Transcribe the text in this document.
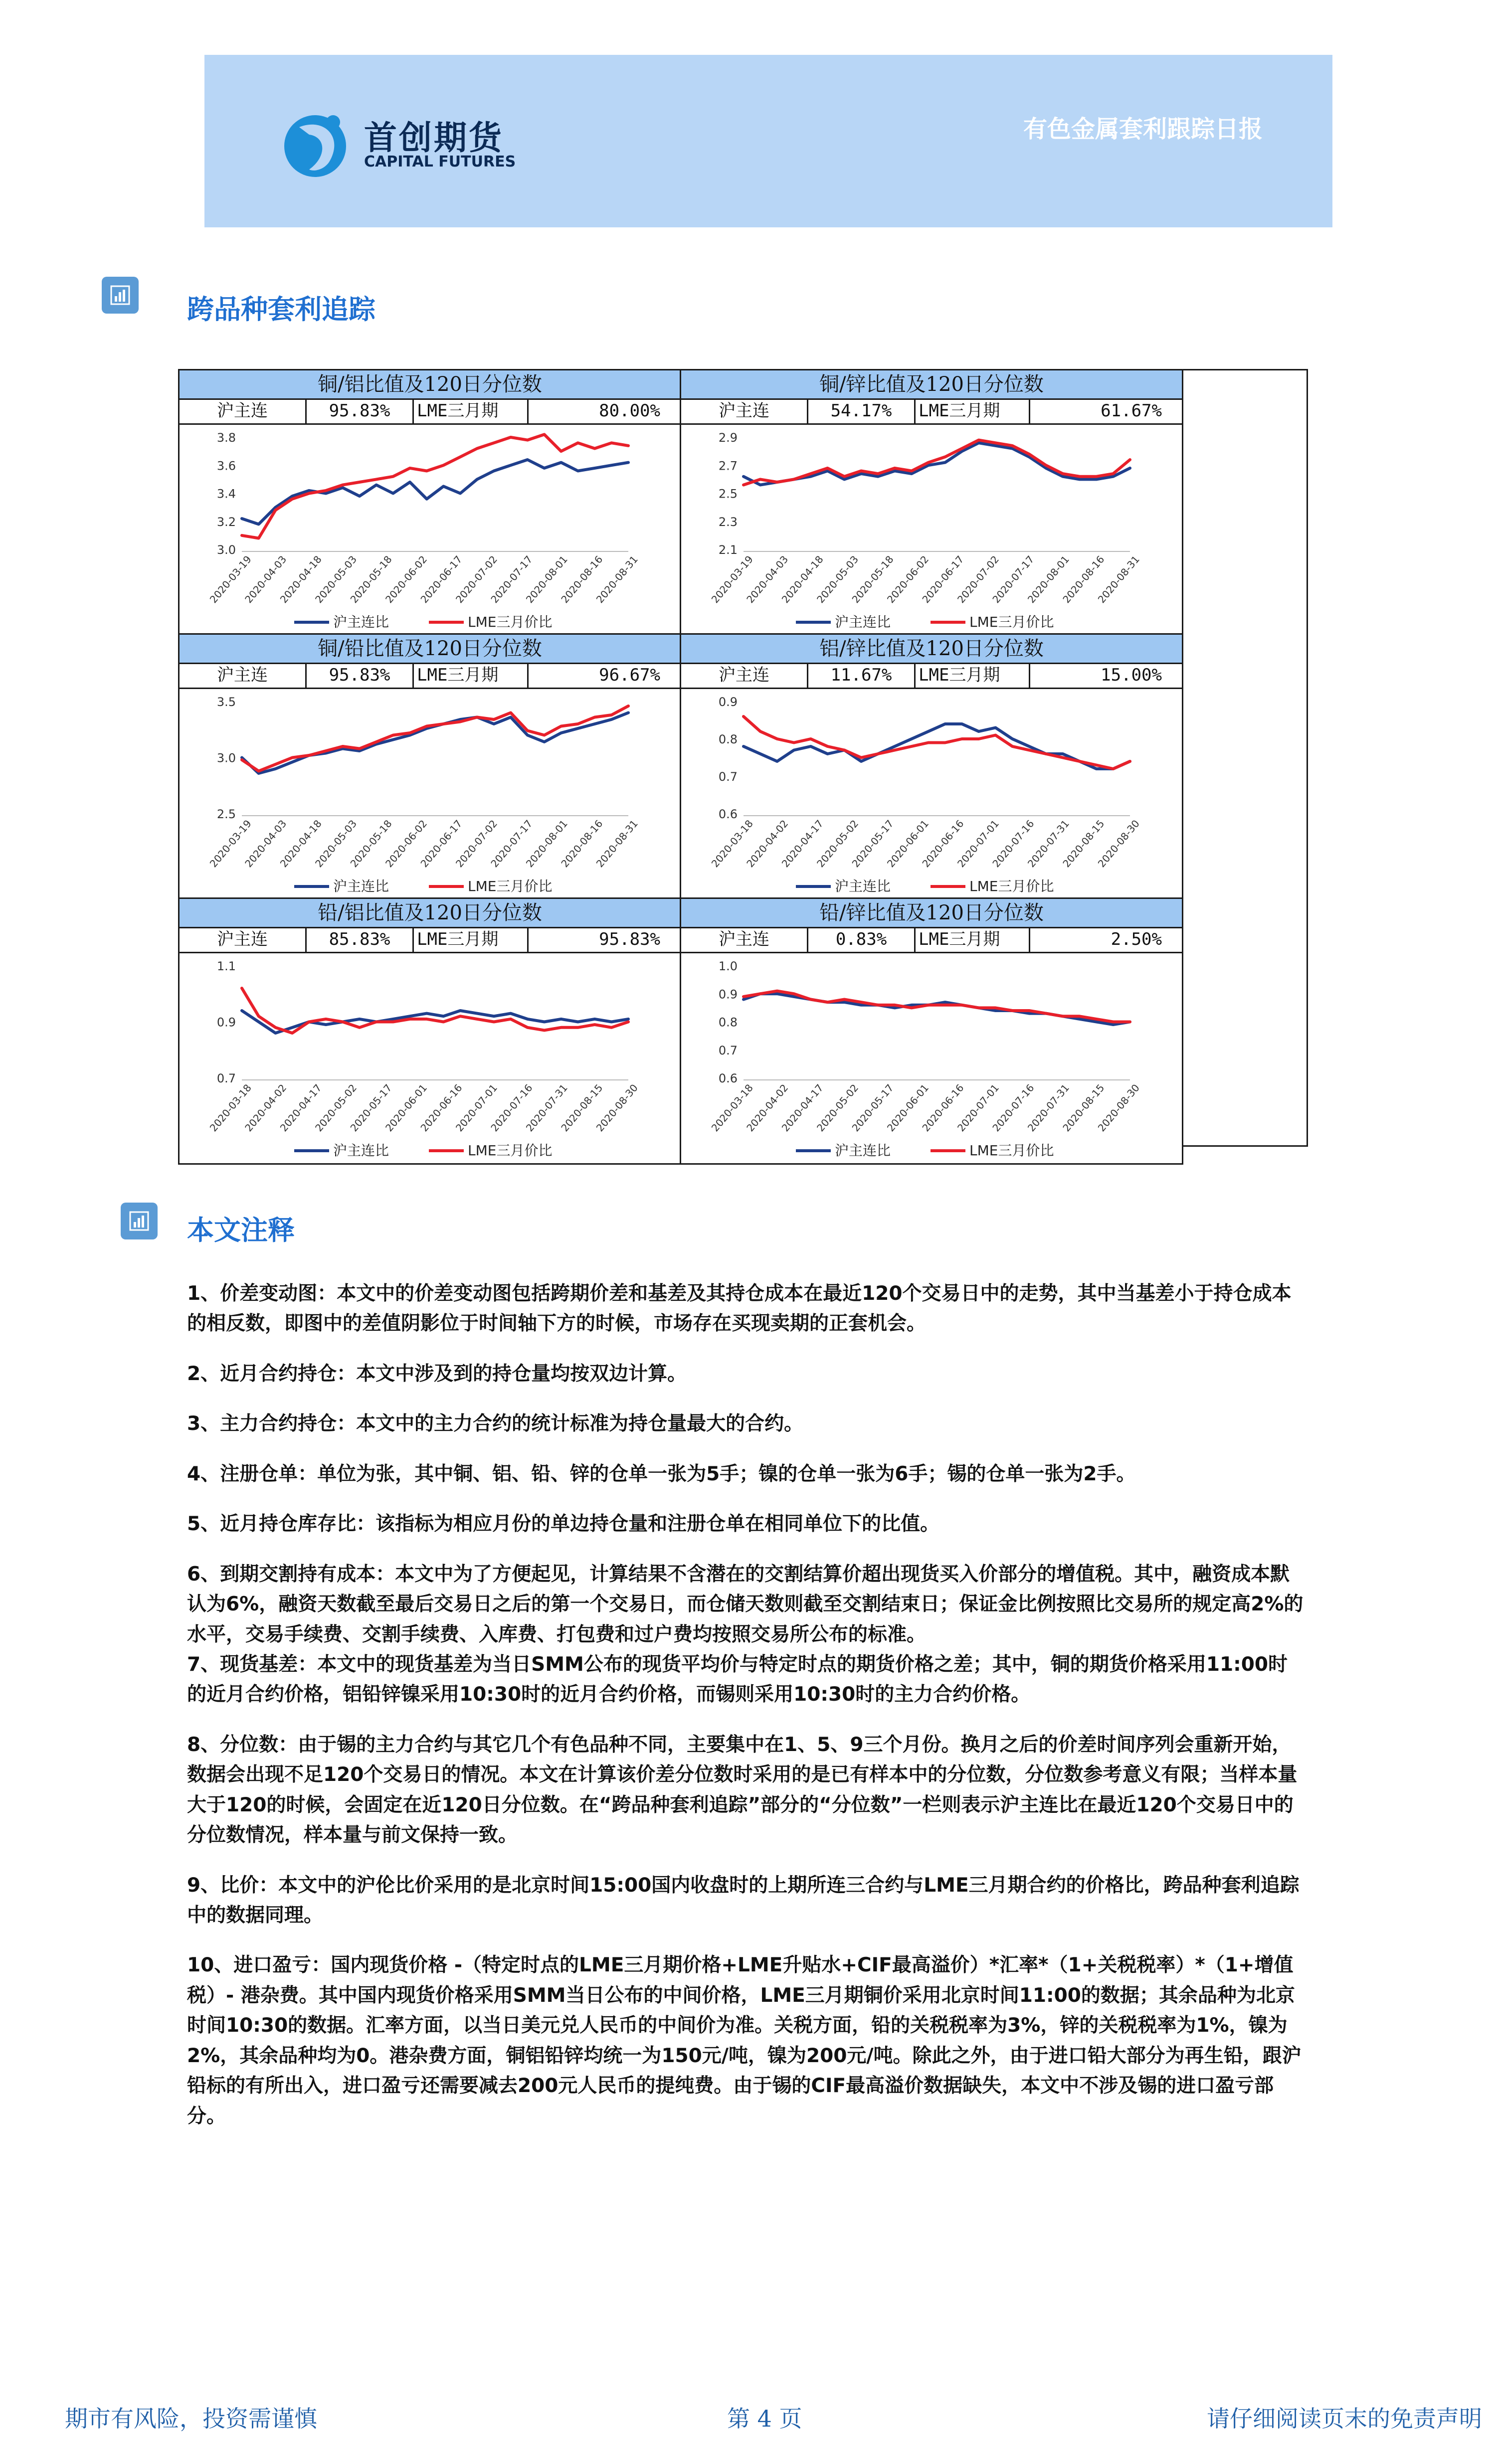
首创期货
CAPITAL FUTURES
有色金属套利跟踪日报
跨品种套利追踪
铜/铝比值及120日分位数
沪主连	95.83%	LME三月期	80.00%
3.0
3.2
3.4
3.6
3.8
2020-03-19
2020-04-03
2020-04-18
2020-05-03
2020-05-18
2020-06-02
2020-06-17
2020-07-02
2020-07-17
2020-08-01
2020-08-16
2020-08-31
沪主连比	LME三月价比
铜/锌比值及120日分位数
沪主连	54.17%	LME三月期	61.67%
2.1
2.3
2.5
2.7
2.9
2020-03-19
2020-04-03
2020-04-18
2020-05-03
2020-05-18
2020-06-02
2020-06-17
2020-07-02
2020-07-17
2020-08-01
2020-08-16
2020-08-31
沪主连比	LME三月价比
铜/铅比值及120日分位数
沪主连	95.83%	LME三月期	96.67%
2.5
3.0
3.5
2020-03-19
2020-04-03
2020-04-18
2020-05-03
2020-05-18
2020-06-02
2020-06-17
2020-07-02
2020-07-17
2020-08-01
2020-08-16
2020-08-31
沪主连比	LME三月价比
铝/锌比值及120日分位数
沪主连	11.67%	LME三月期	15.00%
0.6
0.7
0.8
0.9
2020-03-18
2020-04-02
2020-04-17
2020-05-02
2020-05-17
2020-06-01
2020-06-16
2020-07-01
2020-07-16
2020-07-31
2020-08-15
2020-08-30
沪主连比	LME三月价比
铅/铝比值及120日分位数
沪主连	85.83%	LME三月期	95.83%
0.7
0.9
1.1
2020-03-18
2020-04-02
2020-04-17
2020-05-02
2020-05-17
2020-06-01
2020-06-16
2020-07-01
2020-07-16
2020-07-31
2020-08-15
2020-08-30
沪主连比	LME三月价比
铅/锌比值及120日分位数
沪主连	0.83%	LME三月期	2.50%
0.6
0.7
0.8
0.9
1.0
2020-03-18
2020-04-02
2020-04-17
2020-05-02
2020-05-17
2020-06-01
2020-06-16
2020-07-01
2020-07-16
2020-07-31
2020-08-15
2020-08-30
沪主连比	LME三月价比
本文注释

1、价差变动图：本文中的价差变动图包括跨期价差和基差及其持仓成本在最近120个交易日中的走势，其中当基差小于持仓成本的相反数，即图中的差值阴影位于时间轴下方的时候，市场存在买现卖期的正套机会。

2、近月合约持仓：本文中涉及到的持仓量均按双边计算。

3、主力合约持仓：本文中的主力合约的统计标准为持仓量最大的合约。

4、注册仓单：单位为张，其中铜、铝、铅、锌的仓单一张为5手；镍的仓单一张为6手；锡的仓单一张为2手。

5、近月持仓库存比：该指标为相应月份的单边持仓量和注册仓单在相同单位下的比值。

6、到期交割持有成本：本文中为了方便起见，计算结果不含潜在的交割结算价超出现货买入价部分的增值税。其中，融资成本默认为6%，融资天数截至最后交易日之后的第一个交易日，而仓储天数则截至交割结束日；保证金比例按照比交易所的规定高2%的水平，交易手续费、交割手续费、入库费、打包费和过户费均按照交易所公布的标准。

7、现货基差：本文中的现货基差为当日SMM公布的现货平均价与特定时点的期货价格之差；其中，铜的期货价格采用11:00时的近月合约价格，铝铅锌镍采用10:30时的近月合约价格，而锡则采用10:30时的主力合约价格。

8、分位数：由于锡的主力合约与其它几个有色品种不同，主要集中在1、5、9三个月份。换月之后的价差时间序列会重新开始，数据会出现不足120个交易日的情况。本文在计算该价差分位数时采用的是已有样本中的分位数，分位数参考意义有限；当样本量大于120的时候，会固定在近120日分位数。在“跨品种套利追踪”部分的“分位数”一栏则表示沪主连比在最近120个交易日中的分位数情况，样本量与前文保持一致。

9、比价：本文中的沪伦比价采用的是北京时间15:00国内收盘时的上期所连三合约与LME三月期合约的价格比，跨品种套利追踪中的数据同理。

10、进口盈亏：国内现货价格 -（特定时点的LME三月期价格+LME升贴水+CIF最高溢价）*汇率*（1+关税税率）*（1+增值税）- 港杂费。其中国内现货价格采用SMM当日公布的中间价格，LME三月期铜价采用北京时间11:00的数据；其余品种为北京时间10:30的数据。汇率方面，以当日美元兑人民币的中间价为准。关税方面，铅的关税税率为3%，锌的关税税率为1%，镍为2%，其余品种均为0。港杂费方面，铜铝铅锌均统一为150元/吨，镍为200元/吨。除此之外，由于进口铅大部分为再生铅，跟沪铅标的有所出入，进口盈亏还需要减去200元人民币的提纯费。由于锡的CIF最高溢价数据缺失，本文中不涉及锡的进口盈亏部分。

期市有风险，投资需谨慎	第 4 页	请仔细阅读页末的免责声明
